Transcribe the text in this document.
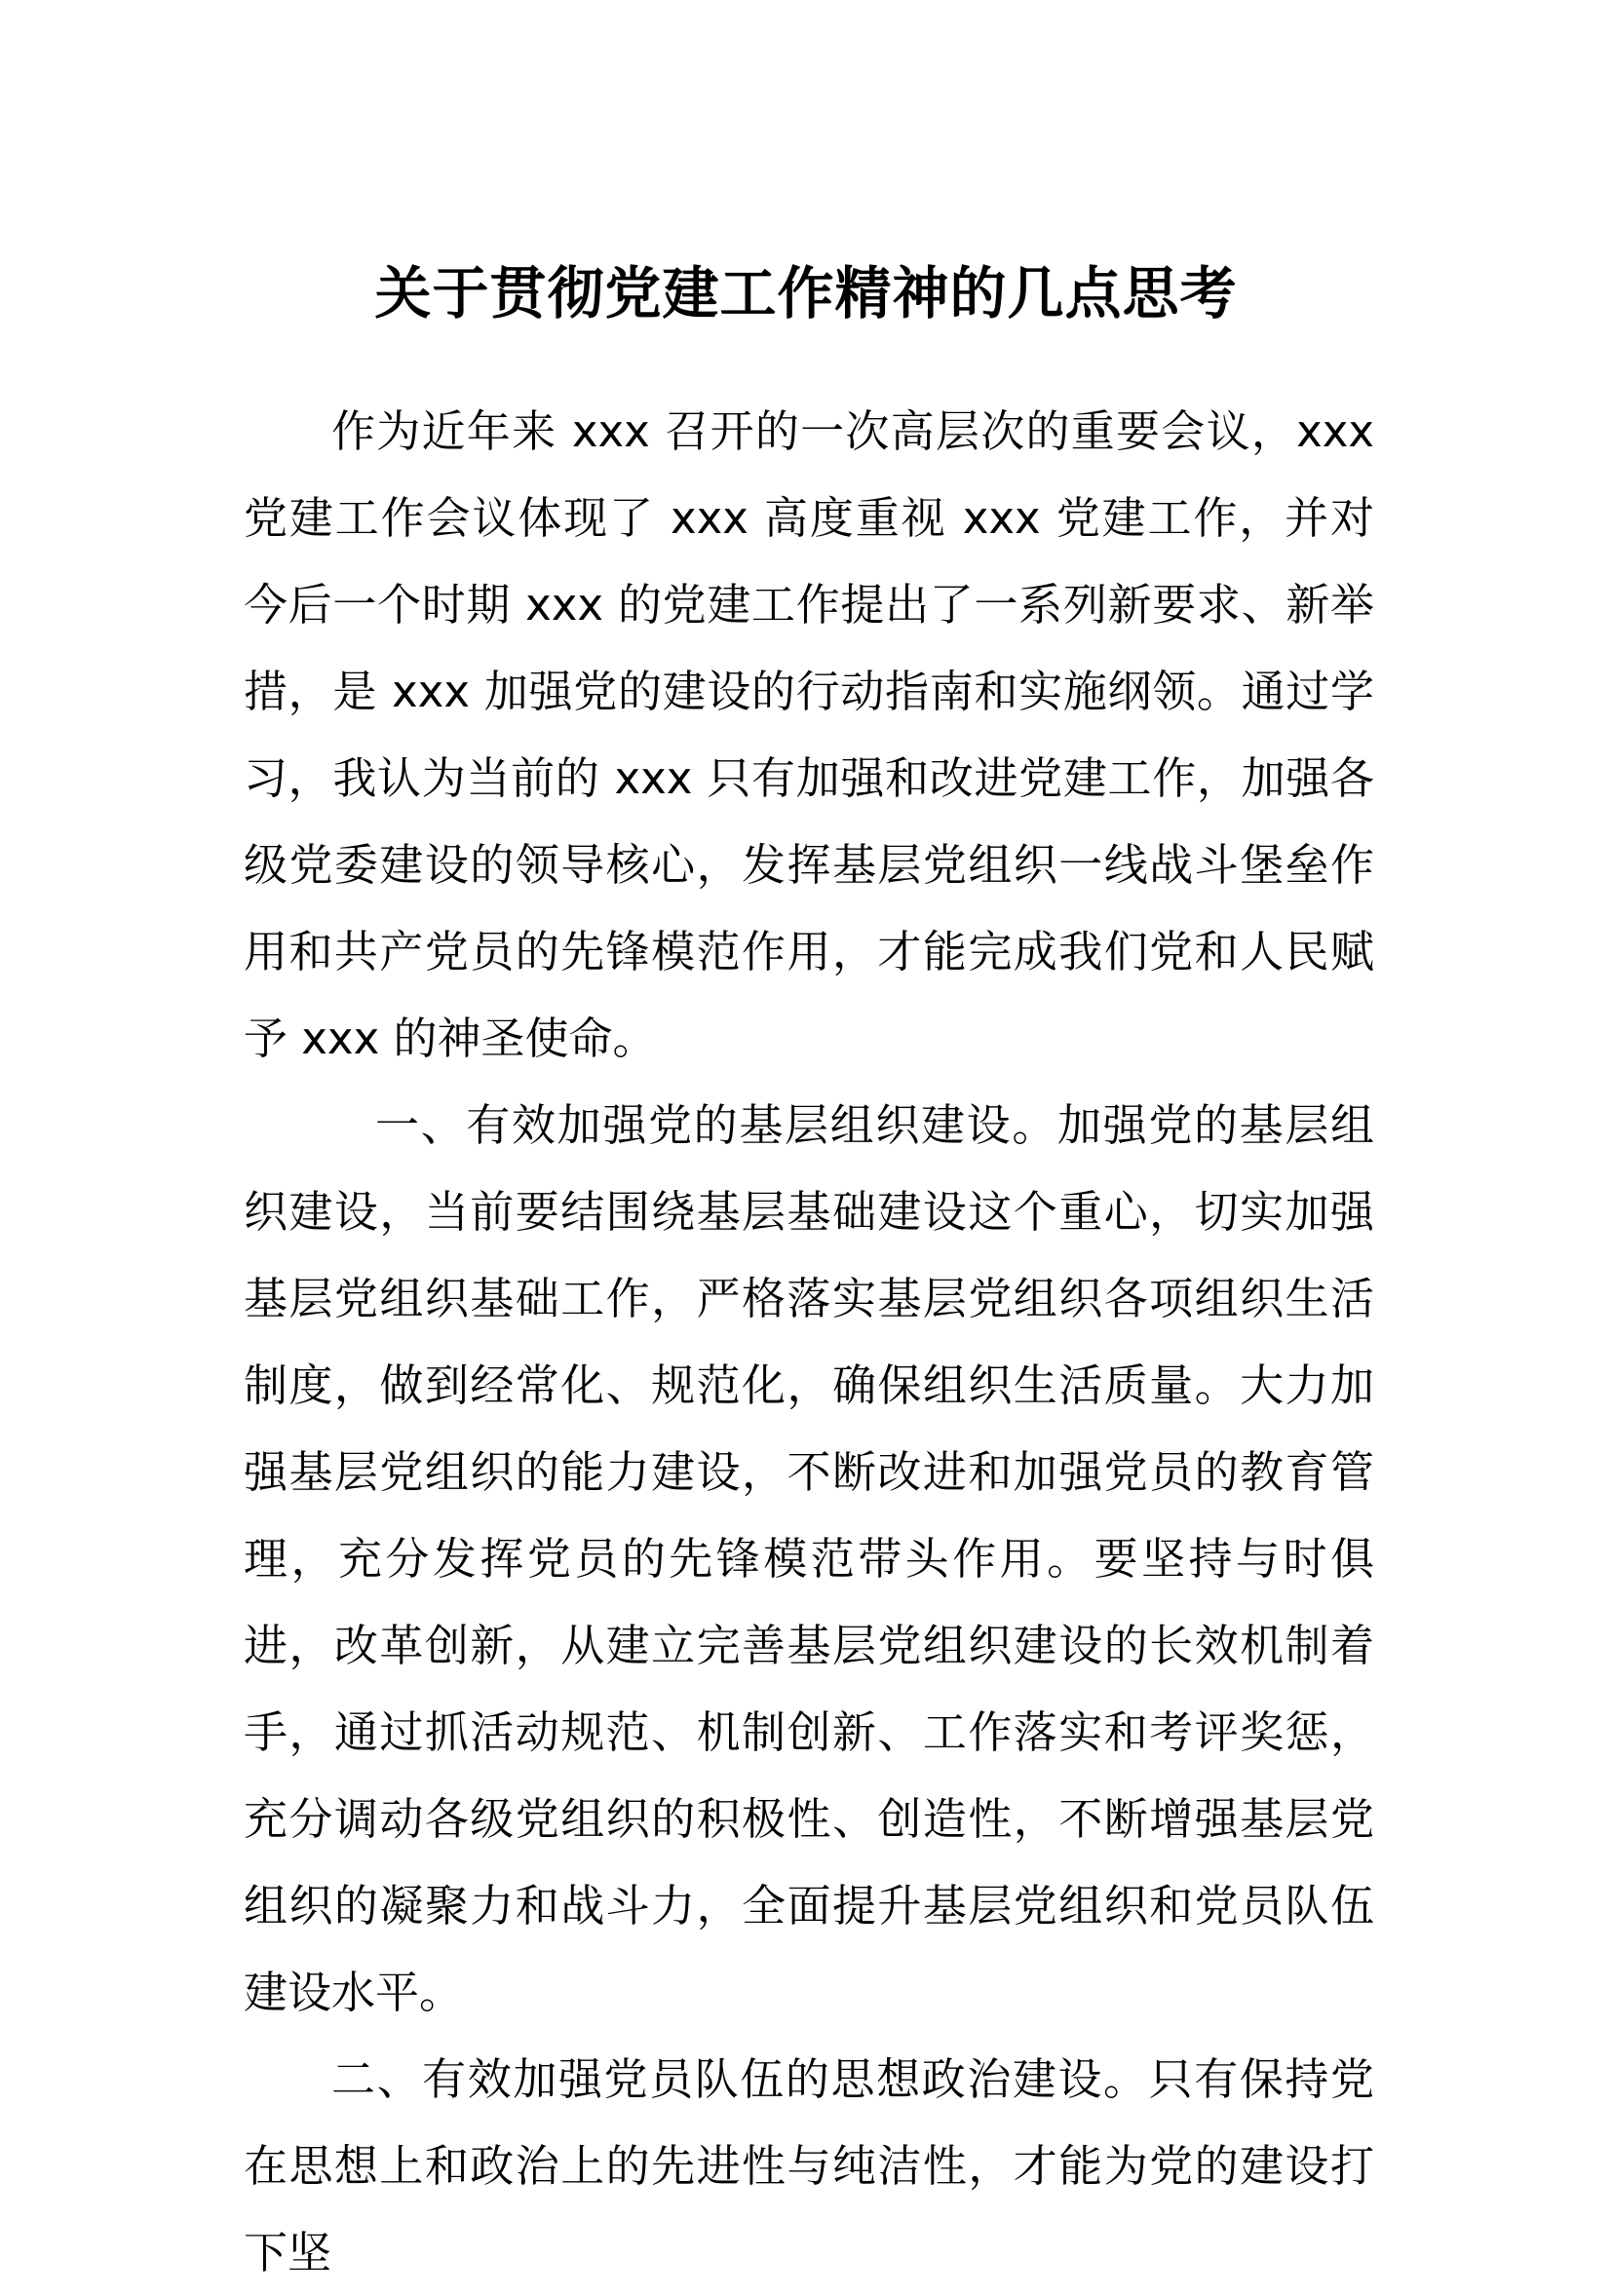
关于贯彻党建工作精神的几点思考

作为近年来 xxx 召开的一次高层次的重要会议，xxx 党建工作会议体现了 xxx 高度重视 xxx 党建工作，并对今后一个时期 xxx 的党建工作提出了一系列新要求、新举措，是 xxx 加强党的建设的行动指南和实施纲领。通过学习，我认为当前的 xxx 只有加强和改进党建工作，加强各级党委建设的领导核心，发挥基层党组织一线战斗堡垒作用和共产党员的先锋模范作用，才能完成我们党和人民赋予 xxx 的神圣使命。

一、有效加强党的基层组织建设。加强党的基层组织建设，当前要结围绕基层基础建设这个重心，切实加强基层党组织基础工作，严格落实基层党组织各项组织生活制度，做到经常化、规范化，确保组织生活质量。大力加强基层党组织的能力建设，不断改进和加强党员的教育管理，充分发挥党员的先锋模范带头作用。要坚持与时俱进，改革创新，从建立完善基层党组织建设的长效机制着手，通过抓活动规范、机制创新、工作落实和考评奖惩，充分调动各级党组织的积极性、创造性，不断增强基层党组织的凝聚力和战斗力，全面提升基层党组织和党员队伍建设水平。

二、有效加强党员队伍的思想政治建设。只有保持党在思想上和政治上的先进性与纯洁性，才能为党的建设打下坚
